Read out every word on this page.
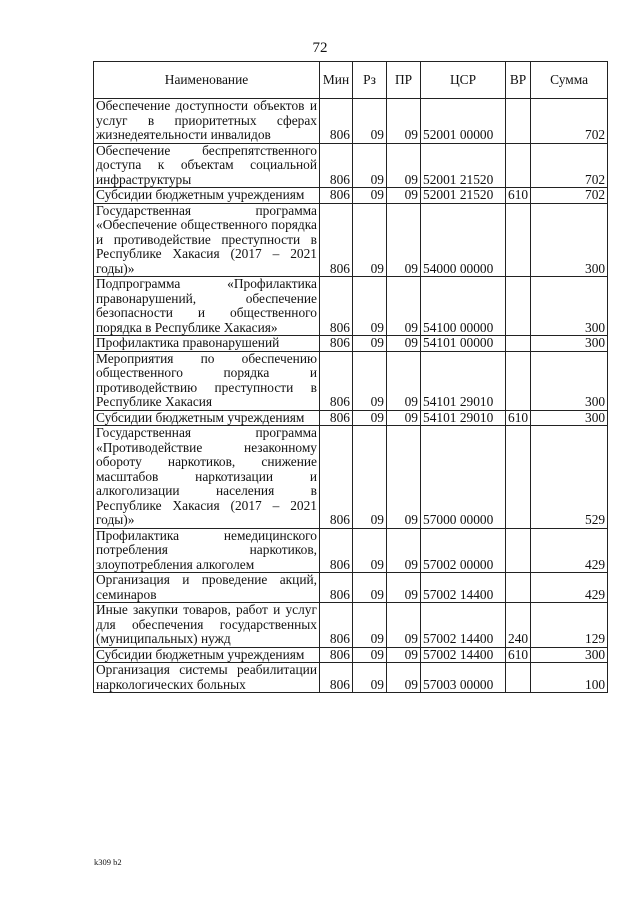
72
Наименование	Мин	Рз	ПР	ЦСР	ВР	Сумма
Обеспечение доступности объектов и услуг в приоритетных сферах жизнедеятельности инвалидов	806	09	09	52001 00000		702
Обеспечение беспрепятственного доступа к объектам социальной инфраструктуры	806	09	09	52001 21520		702
Субсидии бюджетным учреждениям	806	09	09	52001 21520	610	702
Государственная программа «Обеспечение общественного порядка и противодействие преступности в Республике Хакасия (2017 – 2021 годы)»	806	09	09	54000 00000		300
Подпрограмма «Профилактика правонарушений, обеспечение безопасности и общественного порядка в Республике Хакасия»	806	09	09	54100 00000		300
Профилактика правонарушений	806	09	09	54101 00000		300
Мероприятия по обеспечению общественного порядка и противодействию преступности в Республике Хакасия	806	09	09	54101 29010		300
Субсидии бюджетным учреждениям	806	09	09	54101 29010	610	300
Государственная программа «Противодействие незаконному обороту наркотиков, снижение масштабов наркотизации и алкоголизации населения в Республике Хакасия (2017 – 2021 годы)»	806	09	09	57000 00000		529
Профилактика немедицинского потребления наркотиков, злоупотребления алкоголем	806	09	09	57002 00000		429
Организация и проведение акций, семинаров	806	09	09	57002 14400		429
Иные закупки товаров, работ и услуг для обеспечения государственных (муниципальных) нужд	806	09	09	57002 14400	240	129
Субсидии бюджетным учреждениям	806	09	09	57002 14400	610	300
Организация системы реабилитации наркологических больных	806	09	09	57003 00000		100
k309 b2
